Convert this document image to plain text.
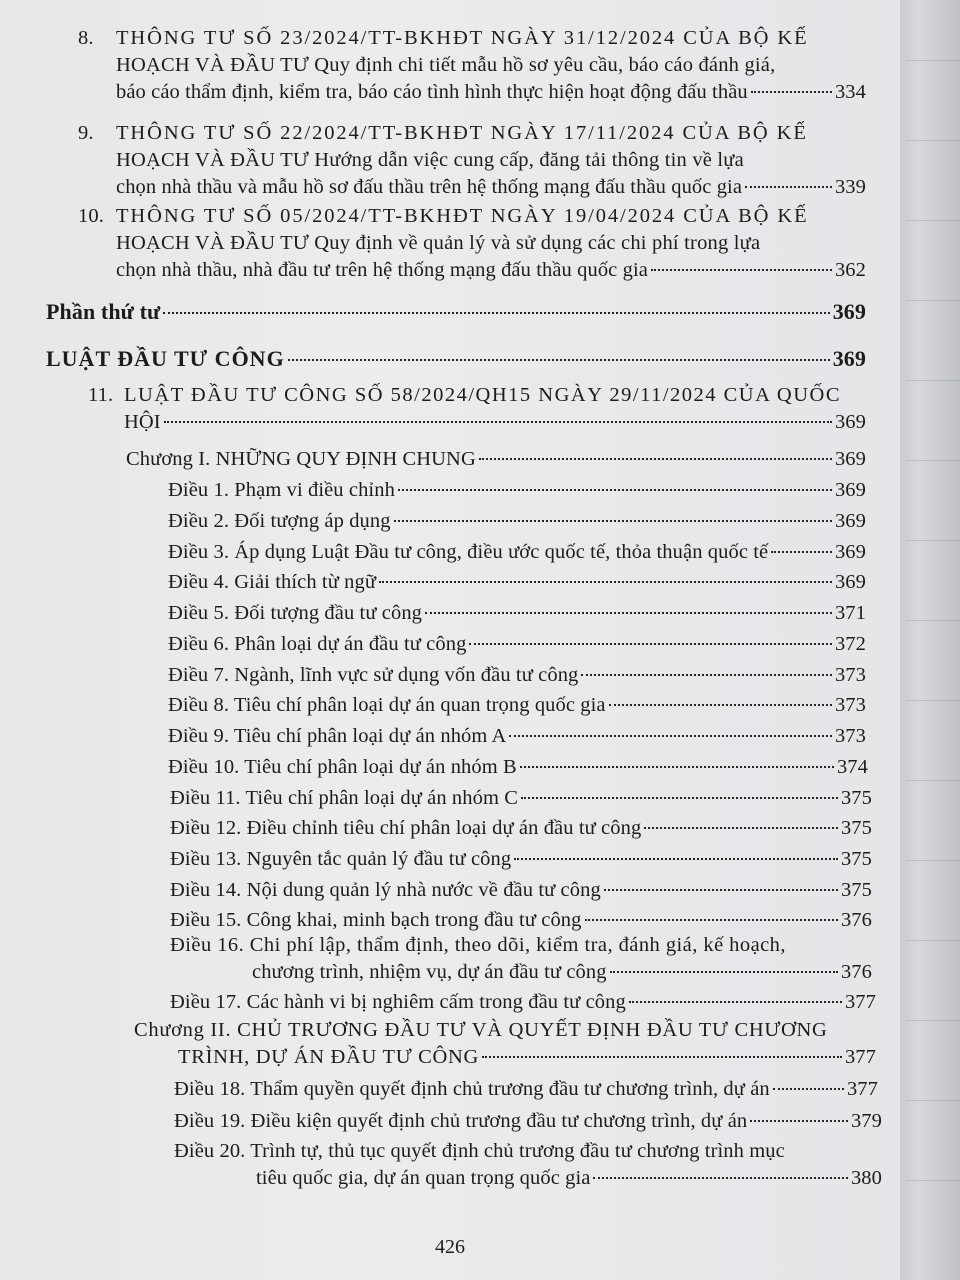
8. THÔNG TƯ SỐ 23/2024/TT-BKHĐT NGÀY 31/12/2024 CỦA BỘ KẾ
HOẠCH VÀ ĐẦU TƯ Quy định chi tiết mẫu hồ sơ yêu cầu, báo cáo đánh giá,
báo cáo thẩm định, kiểm tra, báo cáo tình hình thực hiện hoạt động đấu thầu	334
9. THÔNG TƯ SỐ 22/2024/TT-BKHĐT NGÀY 17/11/2024 CỦA BỘ KẾ
HOẠCH VÀ ĐẦU TƯ Hướng dẫn việc cung cấp, đăng tải thông tin về lựa
chọn nhà thầu và mẫu hồ sơ đấu thầu trên hệ thống mạng đấu thầu quốc gia	339
10. THÔNG TƯ SỐ 05/2024/TT-BKHĐT NGÀY 19/04/2024 CỦA BỘ KẾ
HOẠCH VÀ ĐẦU TƯ Quy định về quản lý và sử dụng các chi phí trong lựa
chọn nhà thầu, nhà đầu tư trên hệ thống mạng đấu thầu quốc gia	362
Phần thứ tư	369
LUẬT ĐẦU TƯ CÔNG	369
11. LUẬT ĐẦU TƯ CÔNG SỐ 58/2024/QH15 NGÀY 29/11/2024 CỦA QUỐC
HỘI	369
Chương I. NHỮNG QUY ĐỊNH CHUNG	369
Điều 1. Phạm vi điều chỉnh	369
Điều 2. Đối tượng áp dụng	369
Điều 3. Áp dụng Luật Đầu tư công, điều ước quốc tế, thỏa thuận quốc tế	369
Điều 4. Giải thích từ ngữ	369
Điều 5. Đối tượng đầu tư công	371
Điều 6. Phân loại dự án đầu tư công	372
Điều 7. Ngành, lĩnh vực sử dụng vốn đầu tư công	373
Điều 8. Tiêu chí phân loại dự án quan trọng quốc gia	373
Điều 9. Tiêu chí phân loại dự án nhóm A	373
Điều 10. Tiêu chí phân loại dự án nhóm B	374
Điều 11. Tiêu chí phân loại dự án nhóm C	375
Điều 12. Điều chỉnh tiêu chí phân loại dự án đầu tư công	375
Điều 13. Nguyên tắc quản lý đầu tư công	375
Điều 14. Nội dung quản lý nhà nước về đầu tư công	375
Điều 15. Công khai, minh bạch trong đầu tư công	376
Điều 16. Chi phí lập, thẩm định, theo dõi, kiểm tra, đánh giá, kế hoạch,
chương trình, nhiệm vụ, dự án đầu tư công	376
Điều 17. Các hành vi bị nghiêm cấm trong đầu tư công	377
Chương II. CHỦ TRƯƠNG ĐẦU TƯ VÀ QUYẾT ĐỊNH ĐẦU TƯ CHƯƠNG
TRÌNH, DỰ ÁN ĐẦU TƯ CÔNG	377
Điều 18. Thẩm quyền quyết định chủ trương đầu tư chương trình, dự án	377
Điều 19. Điều kiện quyết định chủ trương đầu tư chương trình, dự án	379
Điều 20. Trình tự, thủ tục quyết định chủ trương đầu tư chương trình mục
tiêu quốc gia, dự án quan trọng quốc gia	380
426
